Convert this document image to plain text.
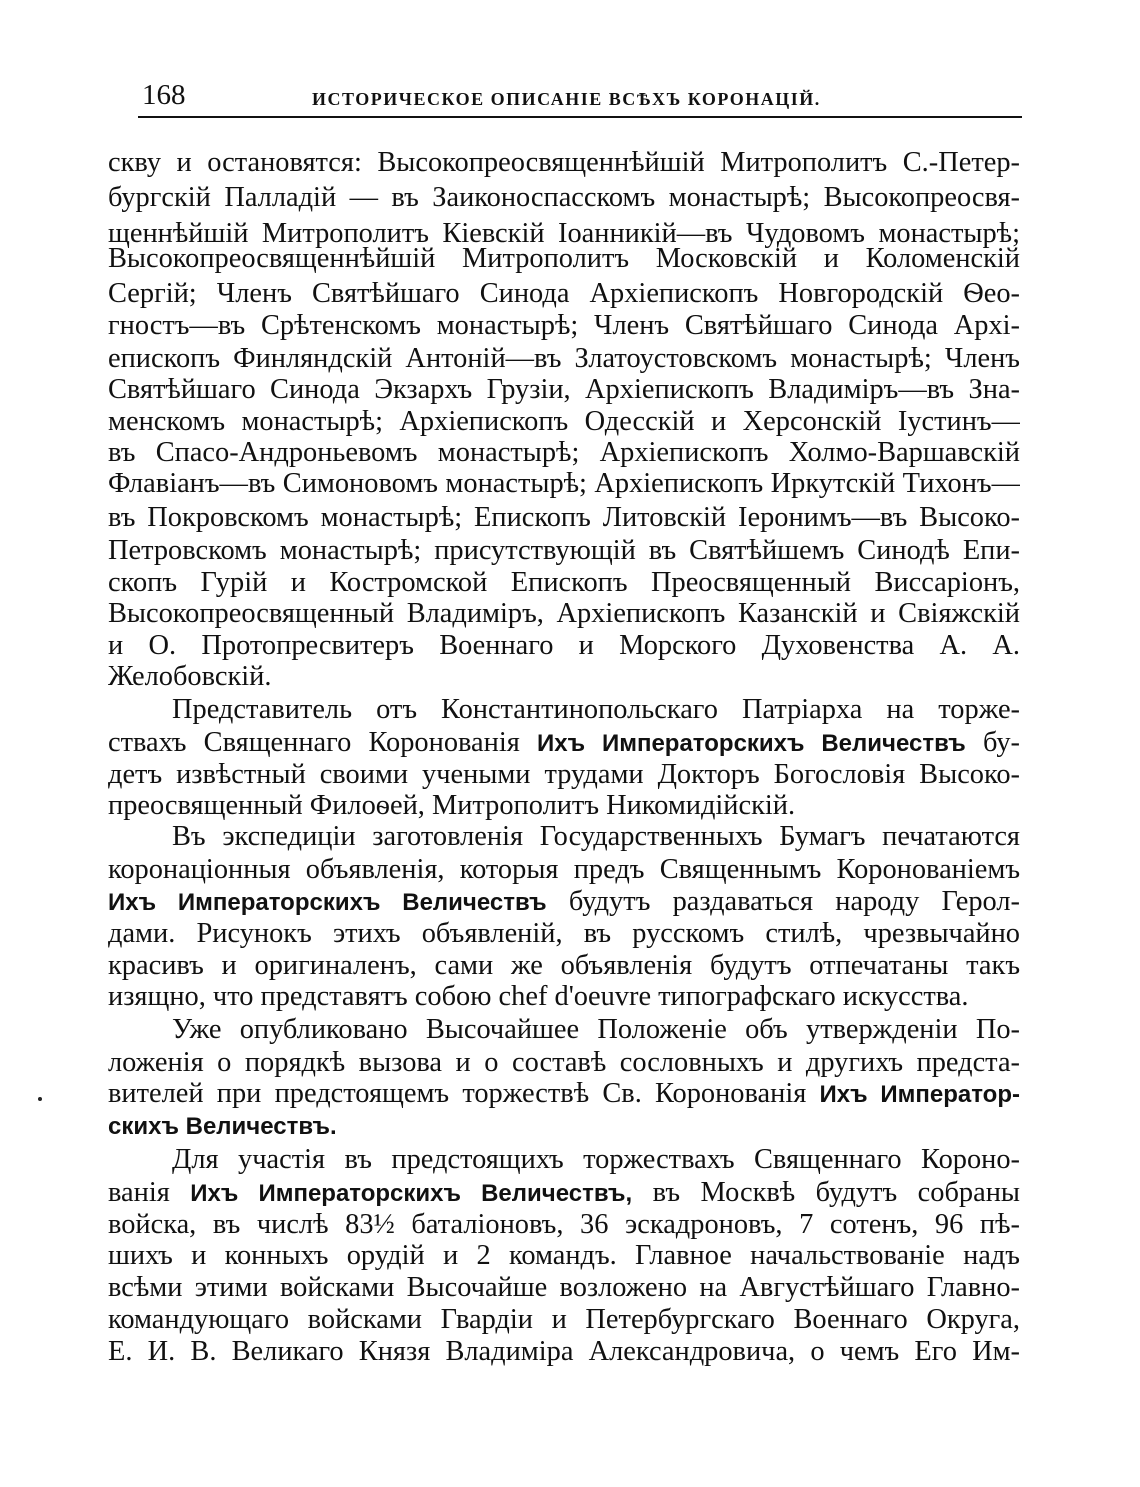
168	ИСТОРИЧЕСКОЕ ОПИСАНІЕ ВСѢХЪ КОРОНАЦІЙ.
скву и остановятся: Высокопреосвященнѣйшій Митрополитъ С.-Петер-
бургскій Палладій — въ Заиконоспасскомъ монастырѣ; Высокопреосвя-
щеннѣйшій Митрополитъ Кіевскій Іоанникій—въ Чудовомъ монастырѣ;
Высокопреосвященнѣйшій Митрополитъ Московскій и Коломенскій
Сергій; Членъ Святѣйшаго Синода Архіепископъ Новгородскій Ѳео-
гностъ—въ Срѣтенскомъ монастырѣ; Членъ Святѣйшаго Синода Архі-
епископъ Финляндскій Антоній—въ Златоустовскомъ монастырѣ; Членъ
Святѣйшаго Синода Экзархъ Грузіи, Архіепископъ Владиміръ—въ Зна-
менскомъ монастырѣ; Архіепископъ Одесскій и Херсонскій Іустинъ—
въ Спасо-Андроньевомъ монастырѣ; Архіепископъ Холмо-Варшавскій
Флавіанъ—въ Симоновомъ монастырѣ; Архіепископъ Иркутскій Тихонъ—
въ Покровскомъ монастырѣ; Епископъ Литовскій Іеронимъ—въ Высоко-
Петровскомъ монастырѣ; присутствующій въ Святѣйшемъ Синодѣ Епи-
скопъ Гурій и Костромской Епископъ Преосвященный Виссаріонъ,
Высокопреосвященный Владиміръ, Архіепископъ Казанскій и Свіяжскій
и О. Протопресвитеръ Военнаго и Морского Духовенства А. А.
Желобовскій.
Представитель отъ Константинопольскаго Патріарха на торже-
ствахъ Священнаго Коронованія Ихъ Императорскихъ Величествъ бу-
детъ извѣстный своими учеными трудами Докторъ Богословія Высоко-
преосвященный Филоѳей, Митрополитъ Никомидійскій.
Въ экспедиціи заготовленія Государственныхъ Бумагъ печатаются
коронаціонныя объявленія, которыя предъ Священнымъ Коронованіемъ
Ихъ Императорскихъ Величествъ будутъ раздаваться народу Герол-
дами. Рисунокъ этихъ объявленій, въ русскомъ стилѣ, чрезвычайно
красивъ и оригиналенъ, сами же объявленія будутъ отпечатаны такъ
изящно, что представятъ собою chef d'oeuvre типографскаго искусства.
Уже опубликовано Высочайшее Положеніе объ утвержденіи По-
ложенія о порядкѣ вызова и о составѣ сословныхъ и другихъ предста-
вителей при предстоящемъ торжествѣ Св. Коронованія Ихъ Император-
скихъ Величествъ.
Для участія въ предстоящихъ торжествахъ Священнаго Короно-
ванія Ихъ Императорскихъ Величествъ, въ Москвѣ будутъ собраны
войска, въ числѣ 83½ баталіоновъ, 36 эскадроновъ, 7 сотенъ, 96 пѣ-
шихъ и конныхъ орудій и 2 командъ. Главное начальствованіе надъ
всѣми этими войсками Высочайше возложено на Августѣйшаго Главно-
командующаго войсками Гвардіи и Петербургскаго Военнаго Округа,
Е. И. В. Великаго Князя Владиміра Александровича, о чемъ Его Им-
